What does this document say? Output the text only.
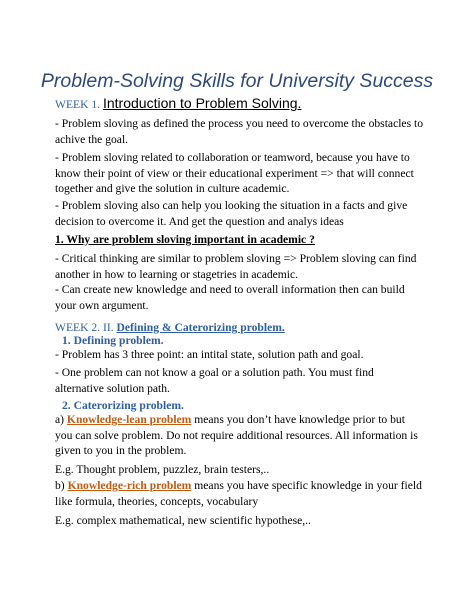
Problem-Solving Skills for University Success
WEEK 1. Introduction to Problem Solving.
- Problem sloving as defined the process you need to overcome the obstacles to achive the goal.
- Problem sloving related to collaboration or teamword, because you have to know their point of view or their educational experiment => that will connect together and give the solution in culture academic.
- Problem sloving also can help you looking the situation in a facts and give decision to overcome it. And get the question and analys ideas
1. Why are problem sloving important in academic ?
- Critical thinking are similar to problem sloving => Problem sloving can find another in how to learning or stagetries in academic.
- Can create new knowledge and need to overall information then can build your own argument.
WEEK 2. II. Defining & Caterorizing problem.
1. Defining problem.
- Problem has 3 three point: an intital state, solution path and goal.
- One problem can not know a goal or a solution path. You must find alternative solution path.
2. Caterorizing problem.
a) Knowledge-lean problem means you don’t have knowledge prior to but you can solve problem. Do not require additional resources. All information is given to you in the problem.
E.g. Thought problem, puzzlez, brain testers,..
b) Knowledge-rich problem means you have specific knowledge in your field like formula, theories, concepts, vocabulary
E.g. complex mathematical, new scientific hypothese,..
